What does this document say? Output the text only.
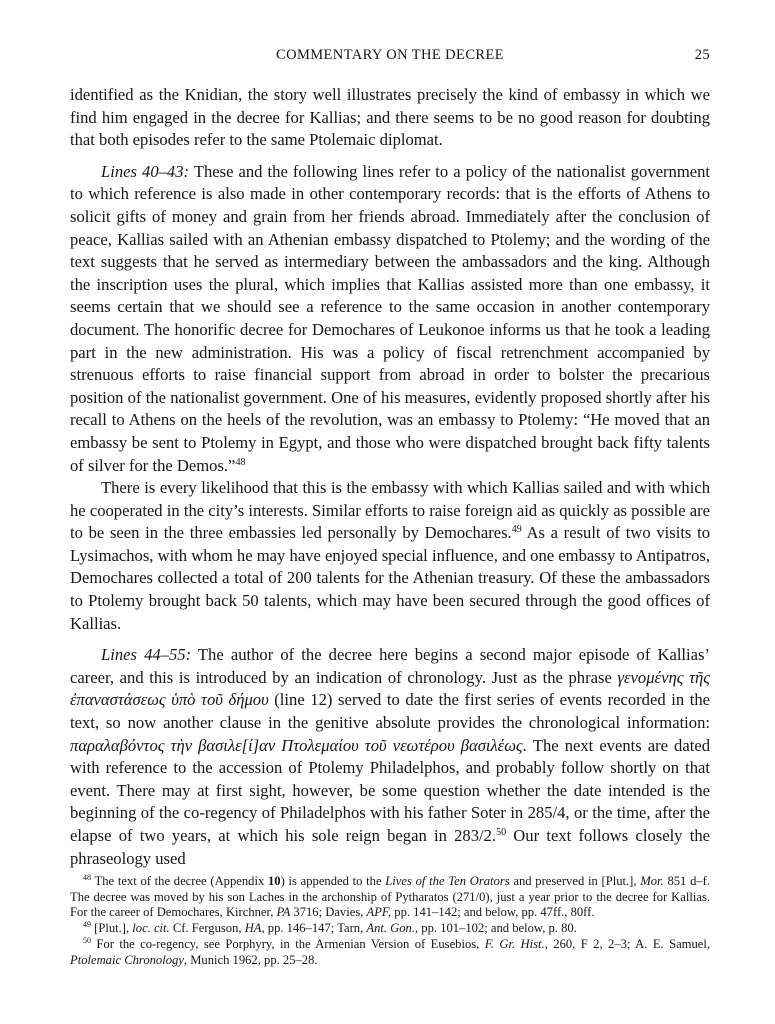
COMMENTARY ON THE DECREE	25

identified as the Knidian, the story well illustrates precisely the kind of embassy in which we find him engaged in the decree for Kallias; and there seems to be no good reason for doubting that both episodes refer to the same Ptolemaic diplomat.

Lines 40–43: These and the following lines refer to a policy of the nationalist government to which reference is also made in other contemporary records: that is the efforts of Athens to solicit gifts of money and grain from her friends abroad. Immediately after the conclusion of peace, Kallias sailed with an Athenian embassy dispatched to Ptolemy; and the wording of the text suggests that he served as intermediary between the ambassadors and the king. Although the inscription uses the plural, which implies that Kallias assisted more than one embassy, it seems certain that we should see a reference to the same occasion in another contemporary document. The honorific decree for Demochares of Leukonoe informs us that he took a leading part in the new administration. His was a policy of fiscal retrenchment accompanied by strenuous efforts to raise financial support from abroad in order to bolster the precarious position of the nationalist government. One of his measures, evidently proposed shortly after his recall to Athens on the heels of the revolution, was an embassy to Ptolemy: “He moved that an embassy be sent to Ptolemy in Egypt, and those who were dispatched brought back fifty talents of silver for the Demos.”$^{48}$

There is every likelihood that this is the embassy with which Kallias sailed and with which he cooperated in the city’s interests. Similar efforts to raise foreign aid as quickly as possible are to be seen in the three embassies led personally by Demochares.$^{49}$ As a result of two visits to Lysimachos, with whom he may have enjoyed special influence, and one embassy to Antipatros, Demochares collected a total of 200 talents for the Athenian treasury. Of these the ambassadors to Ptolemy brought back 50 talents, which may have been secured through the good offices of Kallias.

Lines 44–55: The author of the decree here begins a second major episode of Kallias’ career, and this is introduced by an indication of chronology. Just as the phrase γενομένης τῆς ἐπαναστάσεως ὑπὸ τοῦ δήμου (line 12) served to date the first series of events recorded in the text, so now another clause in the genitive absolute provides the chronological information: παραλαβόντος τὴν βασιλε[ί]αν Πτολεμαίου τοῦ νεωτέρου βασιλέως. The next events are dated with reference to the accession of Ptolemy Philadelphos, and probably follow shortly on that event. There may at first sight, however, be some question whether the date intended is the beginning of the co-regency of Philadelphos with his father Soter in 285/4, or the time, after the elapse of two years, at which his sole reign began in 283/2.50 Our text follows closely the phraseology used

$^{48}$ The text of the decree (Appendix 10) is appended to the Lives of the Ten Orators and preserved in [Plut.], Mor. 851 d–f. The decree was moved by his son Laches in the archonship of Pytharatos (271/0), just a year prior to the decree for Kallias. For the career of Demochares, Kirchner, PA 3716; Davies, APF, pp. 141–142; and below, pp. 47ff., 80ff.

$^{49}$ [Plut.], loc. cit. Cf. Ferguson, HA, pp. 146–147; Tarn, Ant. Gon., pp. 101–102; and below, p. 80.

$^{50}$ For the co-regency, see Porphyry, in the Armenian Version of Eusebios, F. Gr. Hist., 260, F 2, 2–3; A. E. Samuel, Ptolemaic Chronology, Munich 1962, pp. 25–28.
